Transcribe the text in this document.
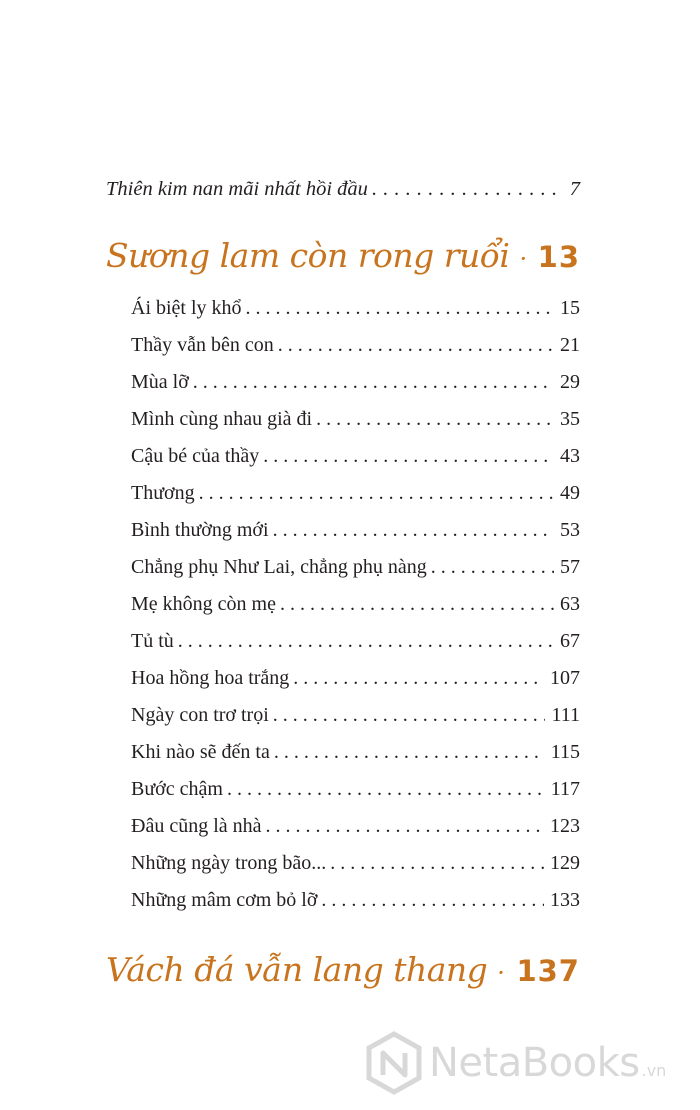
Thiên kim nan mãi nhất hồi đầu . . .	7
Sương lam còn rong ruổi · · · 13
Ái biệt ly khổ . . .	15
Thầy vẫn bên con . . .	21
Mùa lỡ . . .	29
Mình cùng nhau già đi . . .	35
Cậu bé của thầy . . .	43
Thương . . .	49
Bình thường mới . . .	53
Chẳng phụ Như Lai, chẳng phụ nàng . . .	57
Mẹ không còn mẹ . . .	63
Tủ tù . . .	67
Hoa hồng hoa trắng . . .	107
Ngày con trơ trọi . . .	111
Khi nào sẽ đến ta . . .	115
Bước chậm . . .	117
Đâu cũng là nhà . . .	123
Những ngày trong bão... . . .	129
Những mâm cơm bỏ lỡ . . .	133
Vách đá vẫn lang thang · · · 137
NetaBooks .vn
